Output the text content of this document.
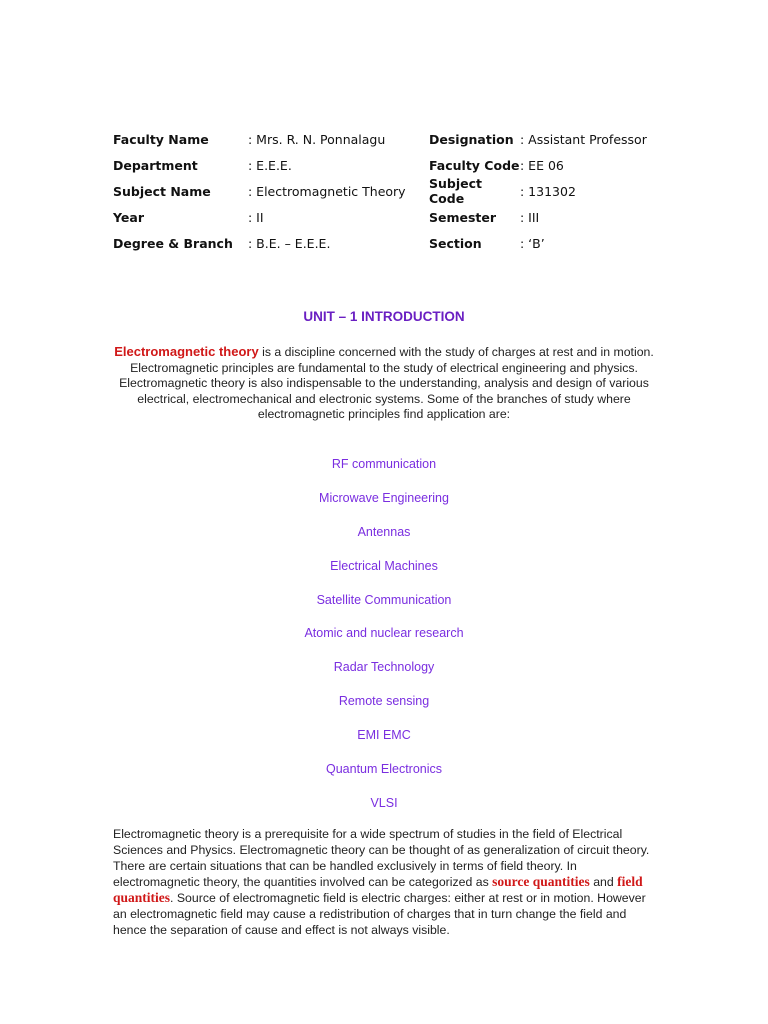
Faculty Name	: Mrs. R. N. Ponnalagu	Designation : Assistant Professor
Department	: E.E.E.	Faculty Code : EE 06
Subject Name	: Electromagnetic Theory	Subject Code	: 131302
Year	: II	Semester	: III
Degree & Branch	: B.E. – E.E.E.	Section	: ‘B’
UNIT – 1 INTRODUCTION

Electromagnetic theory is a discipline concerned with the study of charges at rest and in motion. Electromagnetic principles are fundamental to the study of electrical engineering and physics. Electromagnetic theory is also indispensable to the understanding, analysis and design of various electrical, electromechanical and electronic systems. Some of the branches of study where electromagnetic principles find application are:

RF communication
Microwave Engineering
Antennas
Electrical Machines
Satellite Communication
Atomic and nuclear research
Radar Technology
Remote sensing
EMI EMC
Quantum Electronics
VLSI

Electromagnetic theory is a prerequisite for a wide spectrum of studies in the field of Electrical Sciences and Physics. Electromagnetic theory can be thought of as generalization of circuit theory. There are certain situations that can be handled exclusively in terms of field theory. In electromagnetic theory, the quantities involved can be categorized as source quantities and field quantities. Source of electromagnetic field is electric charges: either at rest or in motion. However an electromagnetic field may cause a redistribution of charges that in turn change the field and hence the separation of cause and effect is not always visible.
